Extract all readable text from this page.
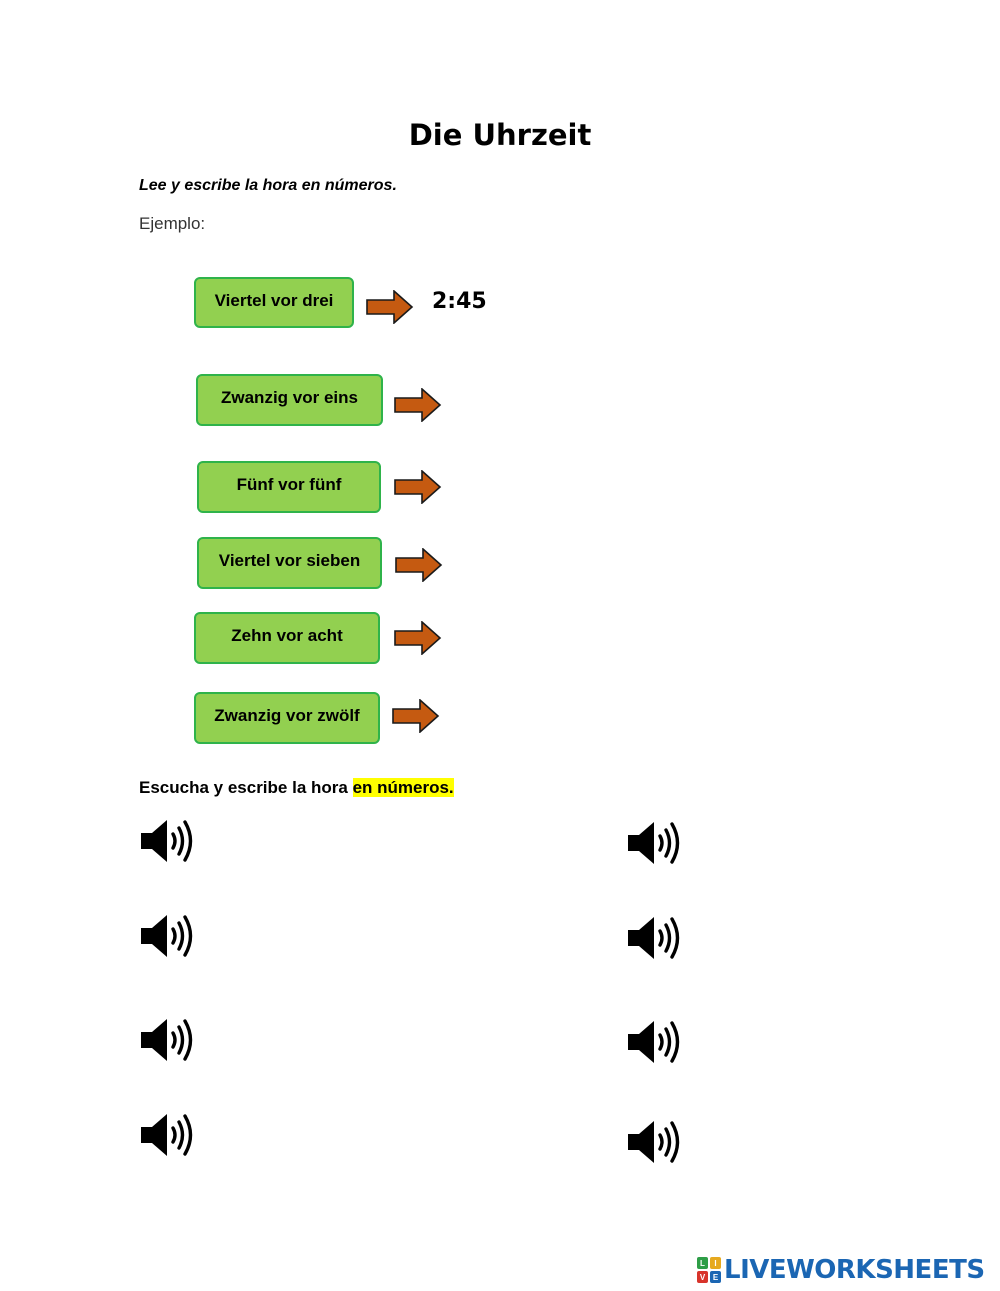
Die Uhrzeit
Lee y escribe la hora en números.
Ejemplo:
Viertel vor drei	2:45
Zwanzig vor eins
Fünf vor fünf
Viertel vor sieben
Zehn vor acht
Zwanzig vor zwölf
Escucha y escribe la hora en números.
L	I
V E LIVEWORKSHEETS
